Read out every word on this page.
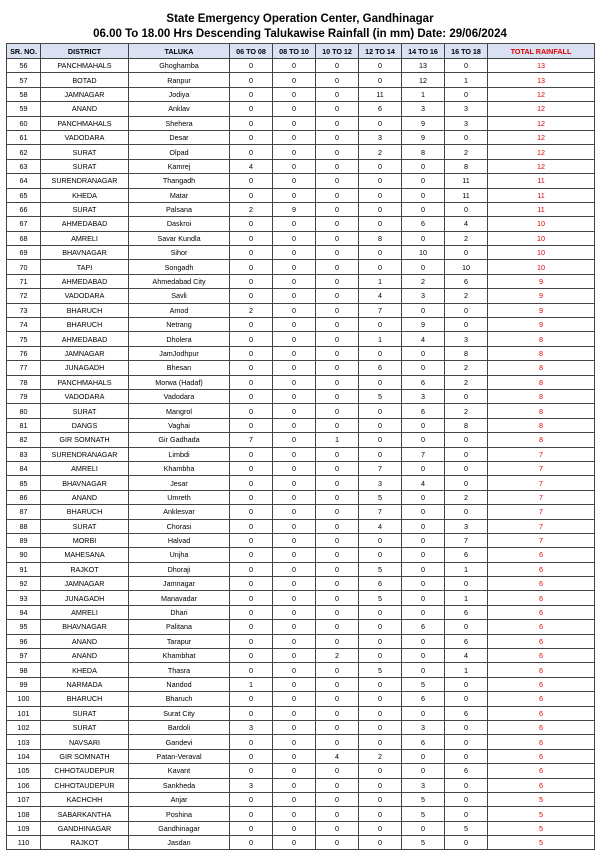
State Emergency Operation Center, Gandhinagar
06.00 To 18.00 Hrs Descending Talukawise Rainfall (in mm) Date: 29/06/2024
SR. NO.	DISTRICT	TALUKA	06 TO 08	08 TO 10	10 TO 12	12 TO 14	14 TO 16	16 TO 18	TOTAL RAINFALL
56	PANCHMAHALS	Ghoghamba	0	0	0	0	13	0	13
57	BOTAD	Ranpur	0	0	0	0	12	1	13
58	JAMNAGAR	Jodiya	0	0	0	11	1	0	12
59	ANAND	Anklav	0	0	0	6	3	3	12
60	PANCHMAHALS	Shehera	0	0	0	0	9	3	12
61	VADODARA	Desar	0	0	0	3	9	0	12
62	SURAT	Olpad	0	0	0	2	8	2	12
63	SURAT	Kamrej	4	0	0	0	0	8	12
64	SURENDRANAGAR	Thangadh	0	0	0	0	0	11	11
65	KHEDA	Matar	0	0	0	0	0	11	11
66	SURAT	Palsana	2	9	0	0	0	0	11
67	AHMEDABAD	Daskroi	0	0	0	0	6	4	10
68	AMRELI	Savar Kundla	0	0	0	8	0	2	10
69	BHAVNAGAR	Sihor	0	0	0	0	10	0	10
70	TAPI	Songadh	0	0	0	0	0	10	10
71	AHMEDABAD	Ahmedabad City	0	0	0	1	2	6	9
72	VADODARA	Savli	0	0	0	4	3	2	9
73	BHARUCH	Amod	2	0	0	7	0	0	9
74	BHARUCH	Netrang	0	0	0	0	9	0	9
75	AHMEDABAD	Dholera	0	0	0	1	4	3	8
76	JAMNAGAR	JamJodhpur	0	0	0	0	0	8	8
77	JUNAGADH	Bhesan	0	0	0	6	0	2	8
78	PANCHMAHALS	Morwa (Hadaf)	0	0	0	0	6	2	8
79	VADODARA	Vadodara	0	0	0	5	3	0	8
80	SURAT	Mangrol	0	0	0	0	6	2	8
81	DANGS	Vaghai	0	0	0	0	0	8	8
82	GIR SOMNATH	Gir Gadhada	7	0	1	0	0	0	8
83	SURENDRANAGAR	Limbdi	0	0	0	0	7	0	7
84	AMRELI	Khambha	0	0	0	7	0	0	7
85	BHAVNAGAR	Jesar	0	0	0	3	4	0	7
86	ANAND	Umreth	0	0	0	5	0	2	7
87	BHARUCH	Anklesvar	0	0	0	7	0	0	7
88	SURAT	Chorasi	0	0	0	4	0	3	7
89	MORBI	Halvad	0	0	0	0	0	7	7
90	MAHESANA	Unjha	0	0	0	0	0	6	6
91	RAJKOT	Dhoraji	0	0	0	5	0	1	6
92	JAMNAGAR	Jamnagar	0	0	0	6	0	0	6
93	JUNAGADH	Manavadar	0	0	0	5	0	1	6
94	AMRELI	Dhari	0	0	0	0	0	6	6
95	BHAVNAGAR	Palitana	0	0	0	0	6	0	6
96	ANAND	Tarapur	0	0	0	0	0	6	6
97	ANAND	Khambhat	0	0	2	0	0	4	6
98	KHEDA	Thasra	0	0	0	5	0	1	6
99	NARMADA	Nandod	1	0	0	0	5	0	6
100	BHARUCH	Bharuch	0	0	0	0	6	0	6
101	SURAT	Surat City	0	0	0	0	0	6	6
102	SURAT	Bardoli	3	0	0	0	3	0	6
103	NAVSARI	Gandevi	0	0	0	0	6	0	6
104	GIR SOMNATH	Patan-Veraval	0	0	4	2	0	0	6
105	CHHOTAUDEPUR	Kavant	0	0	0	0	0	6	6
106	CHHOTAUDEPUR	Sankheda	3	0	0	0	3	0	6
107	KACHCHH	Anjar	0	0	0	0	5	0	5
108	SABARKANTHA	Poshina	0	0	0	0	5	0	5
109	GANDHINAGAR	Gandhinagar	0	0	0	0	0	5	5
110	RAJKOT	Jasdan	0	0	0	0	5	0	5
